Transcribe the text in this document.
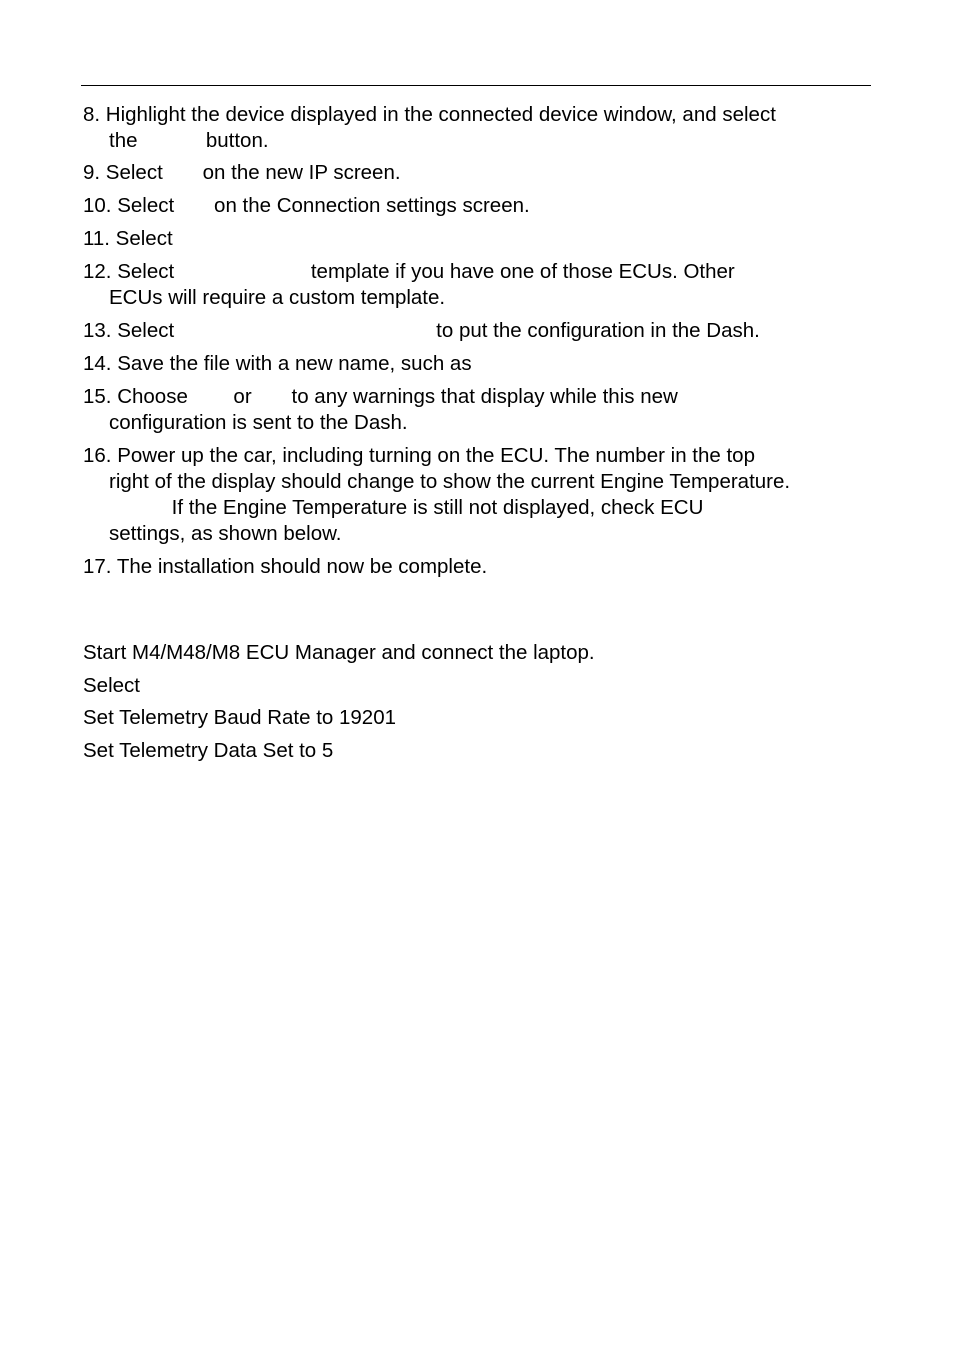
8. Highlight the device displayed in the connected device window, and select
the            button.
9. Select       on the new IP screen.
10. Select       on the Connection settings screen.
11. Select
12. Select                        template if you have one of those ECUs. Other
ECUs will require a custom template.
13. Select                                              to put the configuration in the Dash.
14. Save the file with a new name, such as
15. Choose        or       to any warnings that display while this new
configuration is sent to the Dash.
16. Power up the car, including turning on the ECU. The number in the top
right of the display should change to show the current Engine Temperature.
If the Engine Temperature is still not displayed, check ECU
settings, as shown below.
17. The installation should now be complete.
Start M4/M48/M8 ECU Manager and connect the laptop.
Select
Set Telemetry Baud Rate to 19201
Set Telemetry Data Set to 5
